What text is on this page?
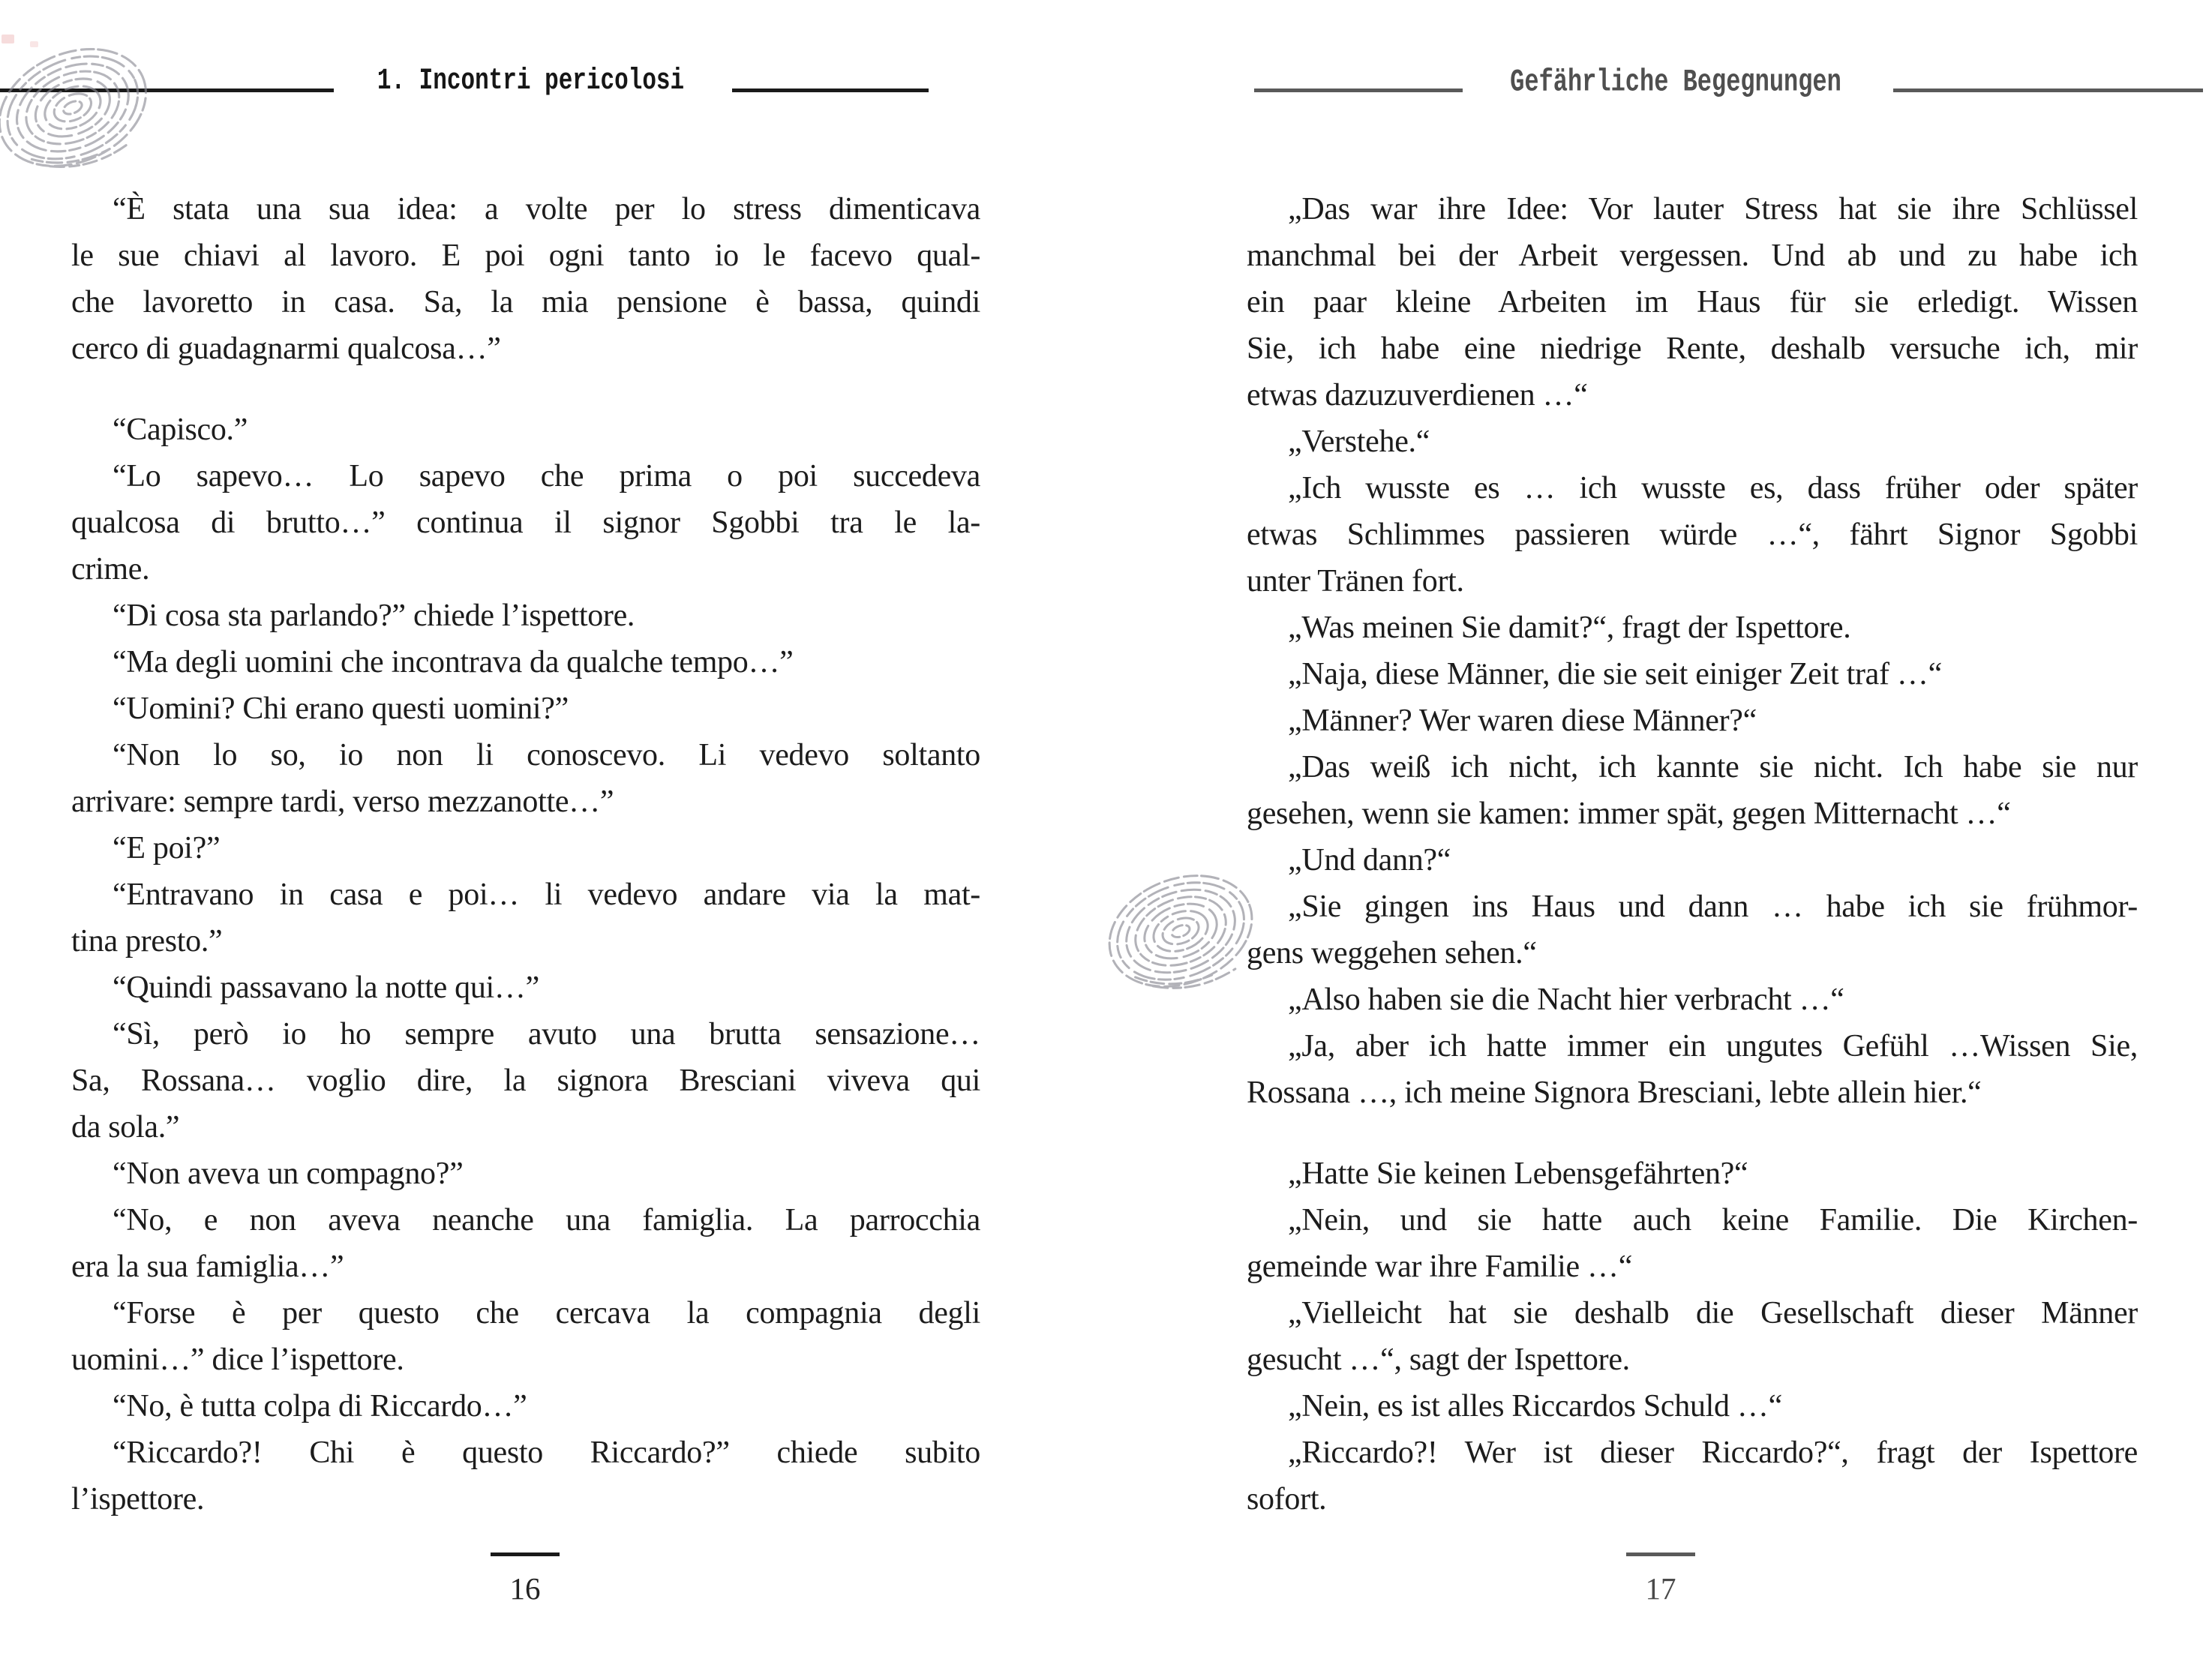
1. Incontri pericolosi	Gefährliche Begegnungen
“È stata una sua idea: a volte per lo stress dimenticava
le sue chiavi al lavoro. E poi ogni tanto io le facevo qual-
che lavoretto in casa. Sa, la mia pensione è bassa, quindi
cerco di guadagnarmi qualcosa…”
“Capisco.”
“Lo sapevo… Lo sapevo che prima o poi succedeva
qualcosa di brutto…” continua il signor Sgobbi tra le la-
crime.
“Di cosa sta parlando?” chiede l’ispettore.
“Ma degli uomini che incontrava da qualche tempo…”
“Uomini? Chi erano questi uomini?”
“Non lo so, io non li conoscevo. Li vedevo soltanto
arrivare: sempre tardi, verso mezzanotte…”
“E poi?”
“Entravano in casa e poi… li vedevo andare via la mat-
tina presto.”
“Quindi passavano la notte qui…”
“Sì, però io ho sempre avuto una brutta sensazione…
Sa, Rossana… voglio dire, la signora Bresciani viveva qui
da sola.”
“Non aveva un compagno?”
“No, e non aveva neanche una famiglia. La parrocchia
era la sua famiglia…”
“Forse è per questo che cercava la compagnia degli
uomini…” dice l’ispettore.
“No, è tutta colpa di Riccardo…”
“Riccardo?! Chi è questo Riccardo?” chiede subito
l’ispettore.
„Das war ihre Idee: Vor lauter Stress hat sie ihre Schlüssel
manchmal bei der Arbeit vergessen. Und ab und zu habe ich
ein paar kleine Arbeiten im Haus für sie erledigt. Wissen
Sie, ich habe eine niedrige Rente, deshalb versuche ich, mir
etwas dazuzuverdienen …“
„Verstehe.“
„Ich wusste es … ich wusste es, dass früher oder später
etwas Schlimmes passieren würde …“, fährt Signor Sgobbi
unter Tränen fort.
„Was meinen Sie damit?“, fragt der Ispettore.
„Naja, diese Männer, die sie seit einiger Zeit traf …“
„Männer? Wer waren diese Männer?“
„Das weiß ich nicht, ich kannte sie nicht. Ich habe sie nur
gesehen, wenn sie kamen: immer spät, gegen Mitternacht …“
„Und dann?“
„Sie gingen ins Haus und dann … habe ich sie frühmor-
gens weggehen sehen.“
„Also haben sie die Nacht hier verbracht …“
„Ja, aber ich hatte immer ein ungutes Gefühl …Wissen Sie,
Rossana …, ich meine Signora Bresciani, lebte allein hier.“
„Hatte Sie keinen Lebensgefährten?“
„Nein, und sie hatte auch keine Familie. Die Kirchen-
gemeinde war ihre Familie …“
„Vielleicht hat sie deshalb die Gesellschaft dieser Männer
gesucht …“, sagt der Ispettore.
„Nein, es ist alles Riccardos Schuld …“
„Riccardo?! Wer ist dieser Riccardo?“, fragt der Ispettore
sofort.
16	17
